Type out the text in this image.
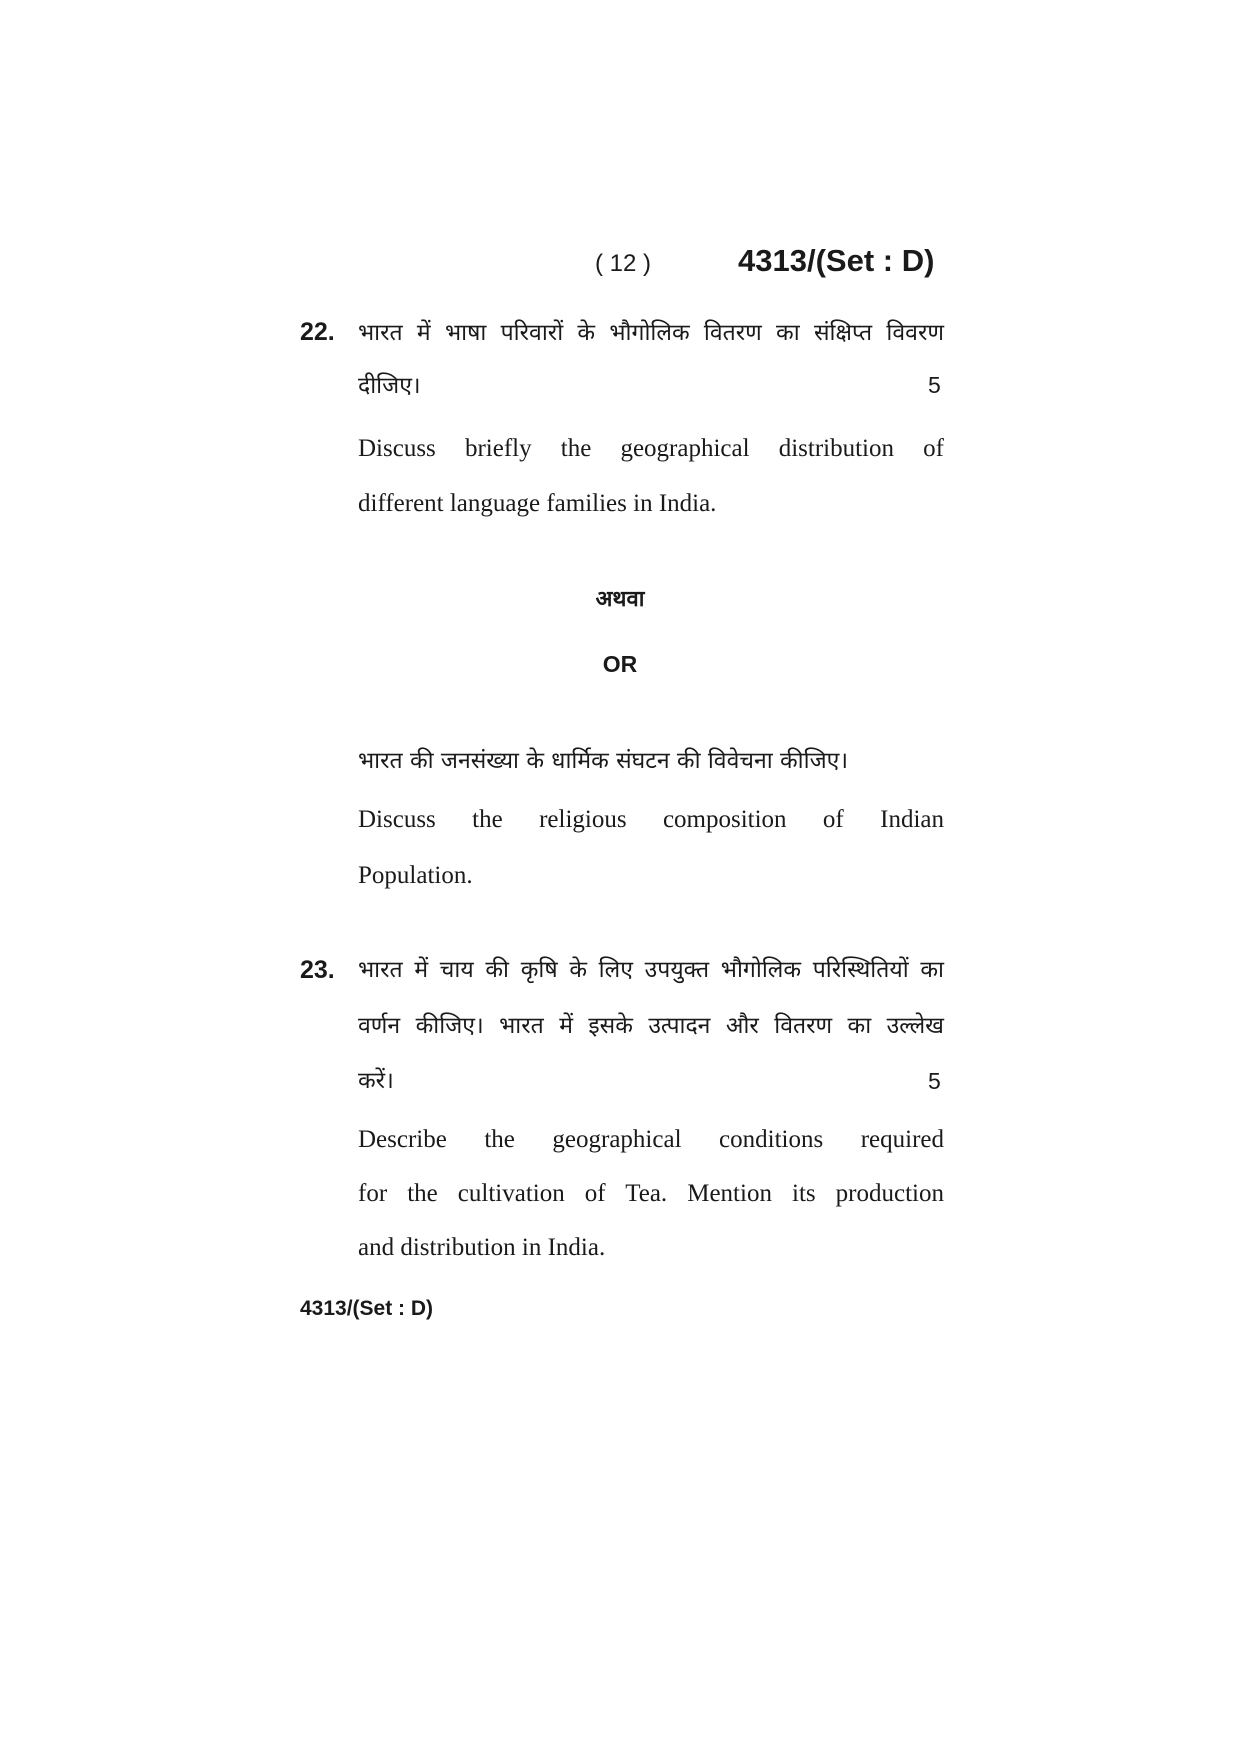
( 12 )	4313/(Set : D)
22. भारत में भाषा परिवारों के भौगोलिक वितरण का संक्षिप्त विवरण
दीजिए।	5
Discuss briefly the geographical distribution of
different language families in India.
अथवा
OR
भारत की जनसंख्या के धार्मिक संघटन की विवेचना कीजिए।
Discuss the religious composition of Indian
Population.
23. भारत में चाय की कृषि के लिए उपयुक्त भौगोलिक परिस्थितियों का
वर्णन कीजिए। भारत में इसके उत्पादन और वितरण का उल्लेख
करें।	5
Describe the geographical conditions required
for the cultivation of Tea. Mention its production
and distribution in India.
4313/(Set : D)
